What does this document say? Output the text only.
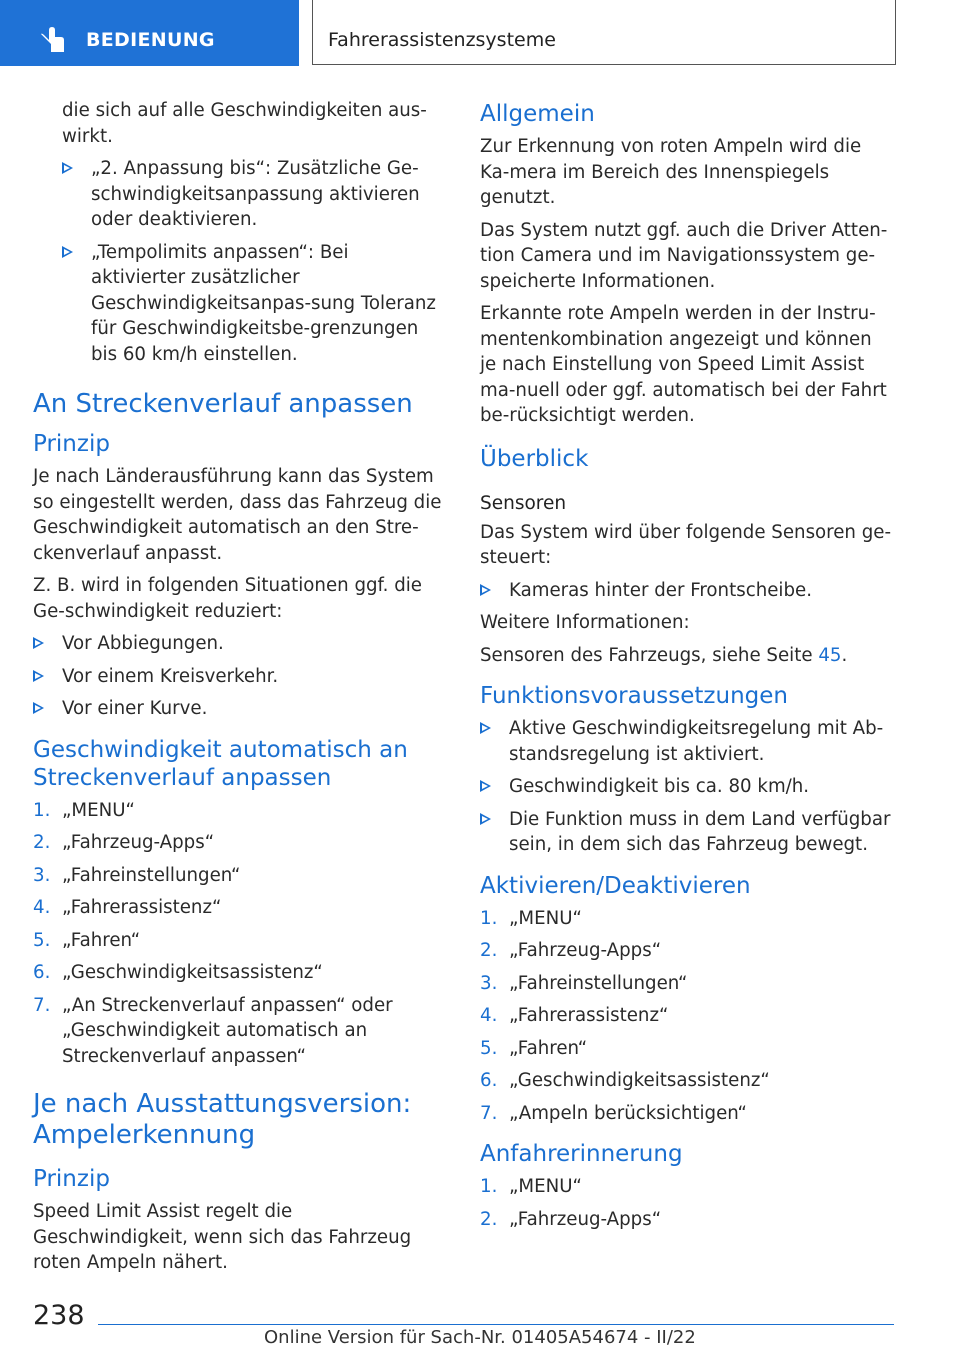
BEDIENUNG	Fahrerassistenzsysteme

die sich auf alle Geschwindigkeiten aus-wirkt.

„2. Anpassung bis“: Zusätzliche Ge-schwindigkeitsanpassung aktivieren oder deaktivieren.
„Tempolimits anpassen“: Bei aktivierter zusätzlicher Geschwindigkeitsanpas-sung Toleranz für Geschwindigkeitsbe-grenzungen bis 60 km/h einstellen.
An Streckenverlauf anpassen
Prinzip

Je nach Länderausführung kann das System so eingestellt werden, dass das Fahrzeug die Geschwindigkeit automatisch an den Stre-ckenverlauf anpasst.

Z. B. wird in folgenden Situationen ggf. die Ge-schwindigkeit reduziert:

Vor Abbiegungen.
Vor einem Kreisverkehr.
Vor einer Kurve.
Geschwindigkeit automatisch an Streckenverlauf anpassen
1. „MENU“
2. „Fahrzeug-Apps“
3. „Fahreinstellungen“
4. „Fahrerassistenz“
5. „Fahren“
6. „Geschwindigkeitsassistenz“
7. „An Streckenverlauf anpassen“ oder „Geschwindigkeit automatisch an Streckenverlauf anpassen“
Je nach Ausstattungsversion: Ampelerkennung
Prinzip

Speed Limit Assist regelt die Geschwindigkeit, wenn sich das Fahrzeug roten Ampeln nähert.

Allgemein

Zur Erkennung von roten Ampeln wird die Ka-mera im Bereich des Innenspiegels genutzt.

Das System nutzt ggf. auch die Driver Atten-tion Camera und im Navigationssystem ge-speicherte Informationen.

Erkannte rote Ampeln werden in der Instru-mentenkombination angezeigt und können je nach Einstellung von Speed Limit Assist ma-nuell oder ggf. automatisch bei der Fahrt be-rücksichtigt werden.

Überblick
Sensoren

Das System wird über folgende Sensoren ge-steuert:

Kameras hinter der Frontscheibe.

Weitere Informationen:

Sensoren des Fahrzeugs, siehe Seite 45.

Funktionsvoraussetzungen
Aktive Geschwindigkeitsregelung mit Ab-standsregelung ist aktiviert.
Geschwindigkeit bis ca. 80 km/h.
Die Funktion muss in dem Land verfügbar sein, in dem sich das Fahrzeug bewegt.
Aktivieren/Deaktivieren
1. „MENU“
2. „Fahrzeug-Apps“
3. „Fahreinstellungen“
4. „Fahrerassistenz“
5. „Fahren“
6. „Geschwindigkeitsassistenz“
7. „Ampeln berücksichtigen“
Anfahrerinnerung
1. „MENU“
2. „Fahrzeug-Apps“
238
Online Version für Sach-Nr. 01405A54674 - II/22
